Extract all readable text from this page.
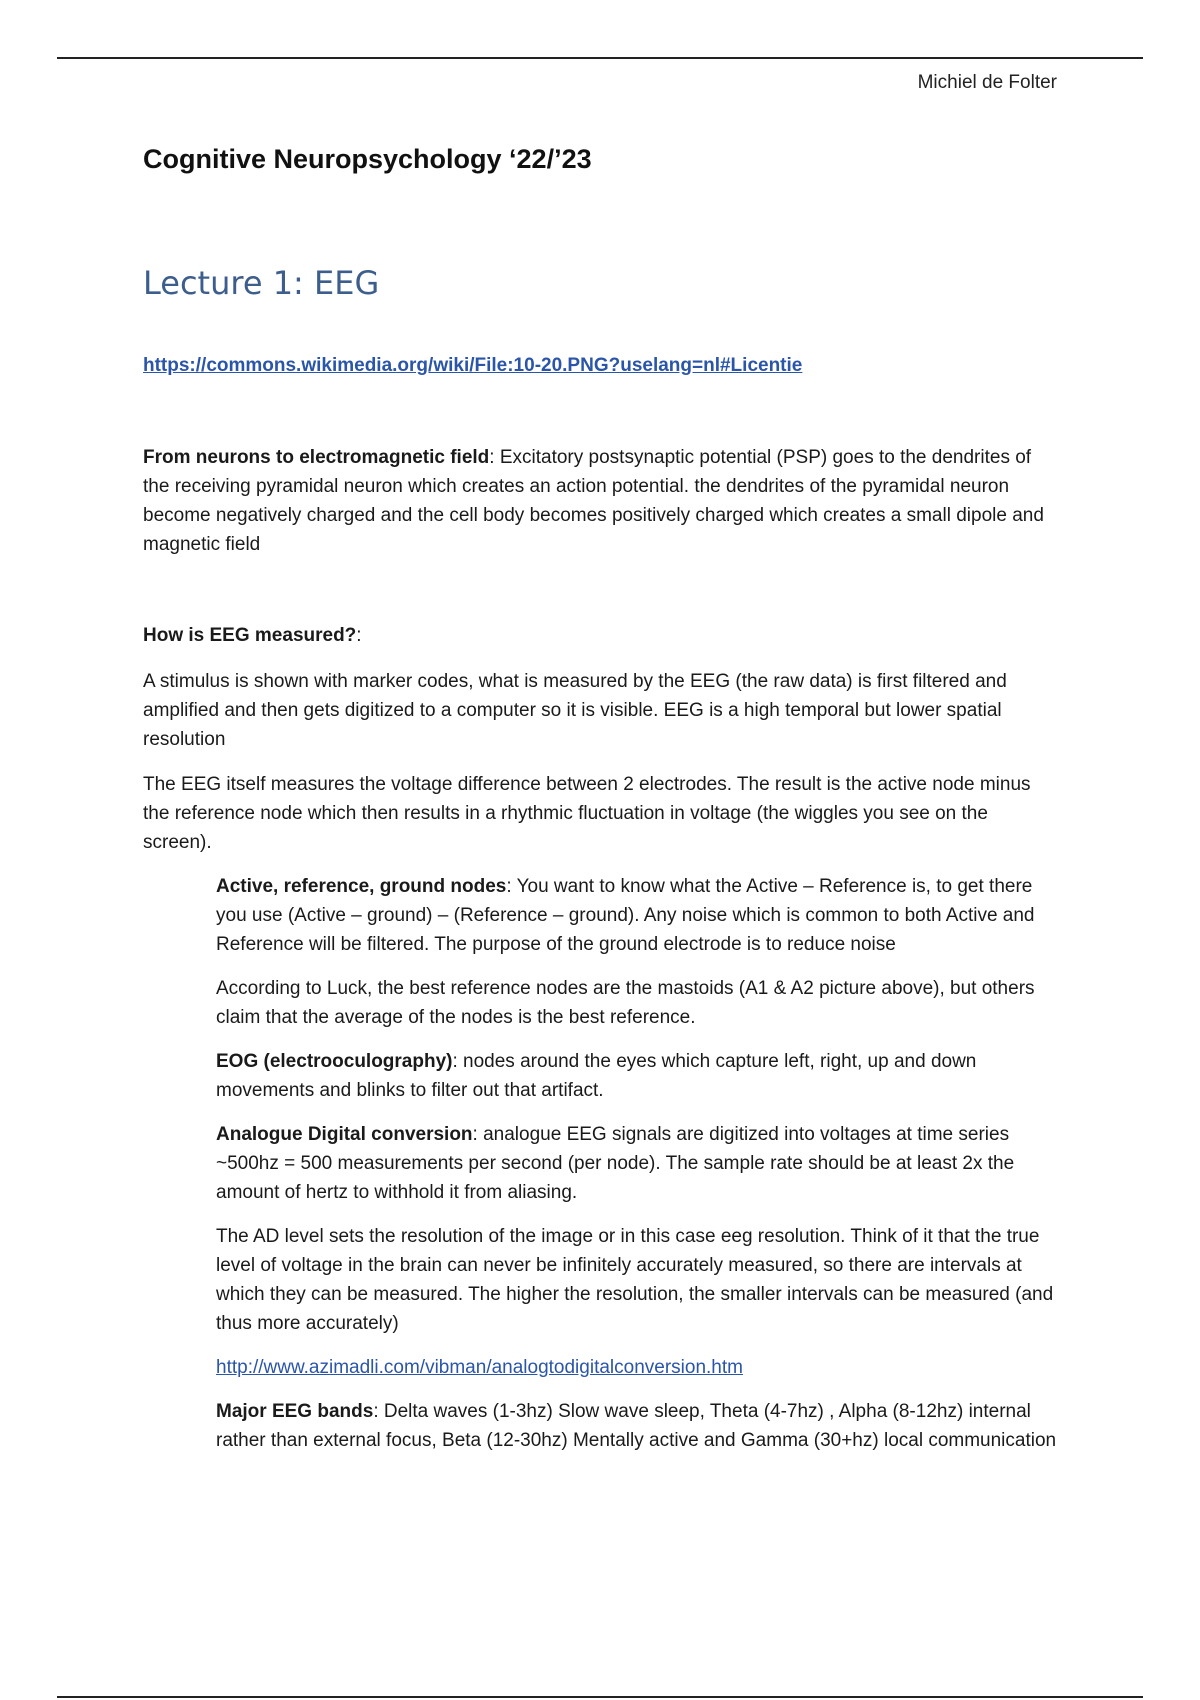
Michiel de Folter
Cognitive Neuropsychology ‘22/’23
Lecture 1: EEG
https://commons.wikimedia.org/wiki/File:10-20.PNG?uselang=nl#Licentie

From neurons to electromagnetic field: Excitatory postsynaptic potential (PSP) goes to the dendrites of the receiving pyramidal neuron which creates an action potential. the dendrites of the pyramidal neuron become negatively charged and the cell body becomes positively charged which creates a small dipole and magnetic field

How is EEG measured?:

A stimulus is shown with marker codes, what is measured by the EEG (the raw data) is first filtered and amplified and then gets digitized to a computer so it is visible. EEG is a high temporal but lower spatial resolution

The EEG itself measures the voltage difference between 2 electrodes. The result is the active node minus the reference node which then results in a rhythmic fluctuation in voltage (the wiggles you see on the screen).

Active, reference, ground nodes: You want to know what the Active – Reference is, to get there you use (Active – ground) – (Reference – ground). Any noise which is common to both Active and Reference will be filtered. The purpose of the ground electrode is to reduce noise

According to Luck, the best reference nodes are the mastoids (A1 & A2 picture above), but others claim that the average of the nodes is the best reference.

EOG (electrooculography): nodes around the eyes which capture left, right, up and down movements and blinks to filter out that artifact.

Analogue Digital conversion: analogue EEG signals are digitized into voltages at time series ~500hz = 500 measurements per second (per node). The sample rate should be at least 2x the amount of hertz to withhold it from aliasing.

The AD level sets the resolution of the image or in this case eeg resolution. Think of it that the true level of voltage in the brain can never be infinitely accurately measured, so there are intervals at which they can be measured. The higher the resolution, the smaller intervals can be measured (and thus more accurately)

http://www.azimadli.com/vibman/analogtodigitalconversion.htm

Major EEG bands: Delta waves (1-3hz) Slow wave sleep, Theta (4-7hz) , Alpha (8-12hz) internal rather than external focus, Beta (12-30hz) Mentally active and Gamma (30+hz) local communication
